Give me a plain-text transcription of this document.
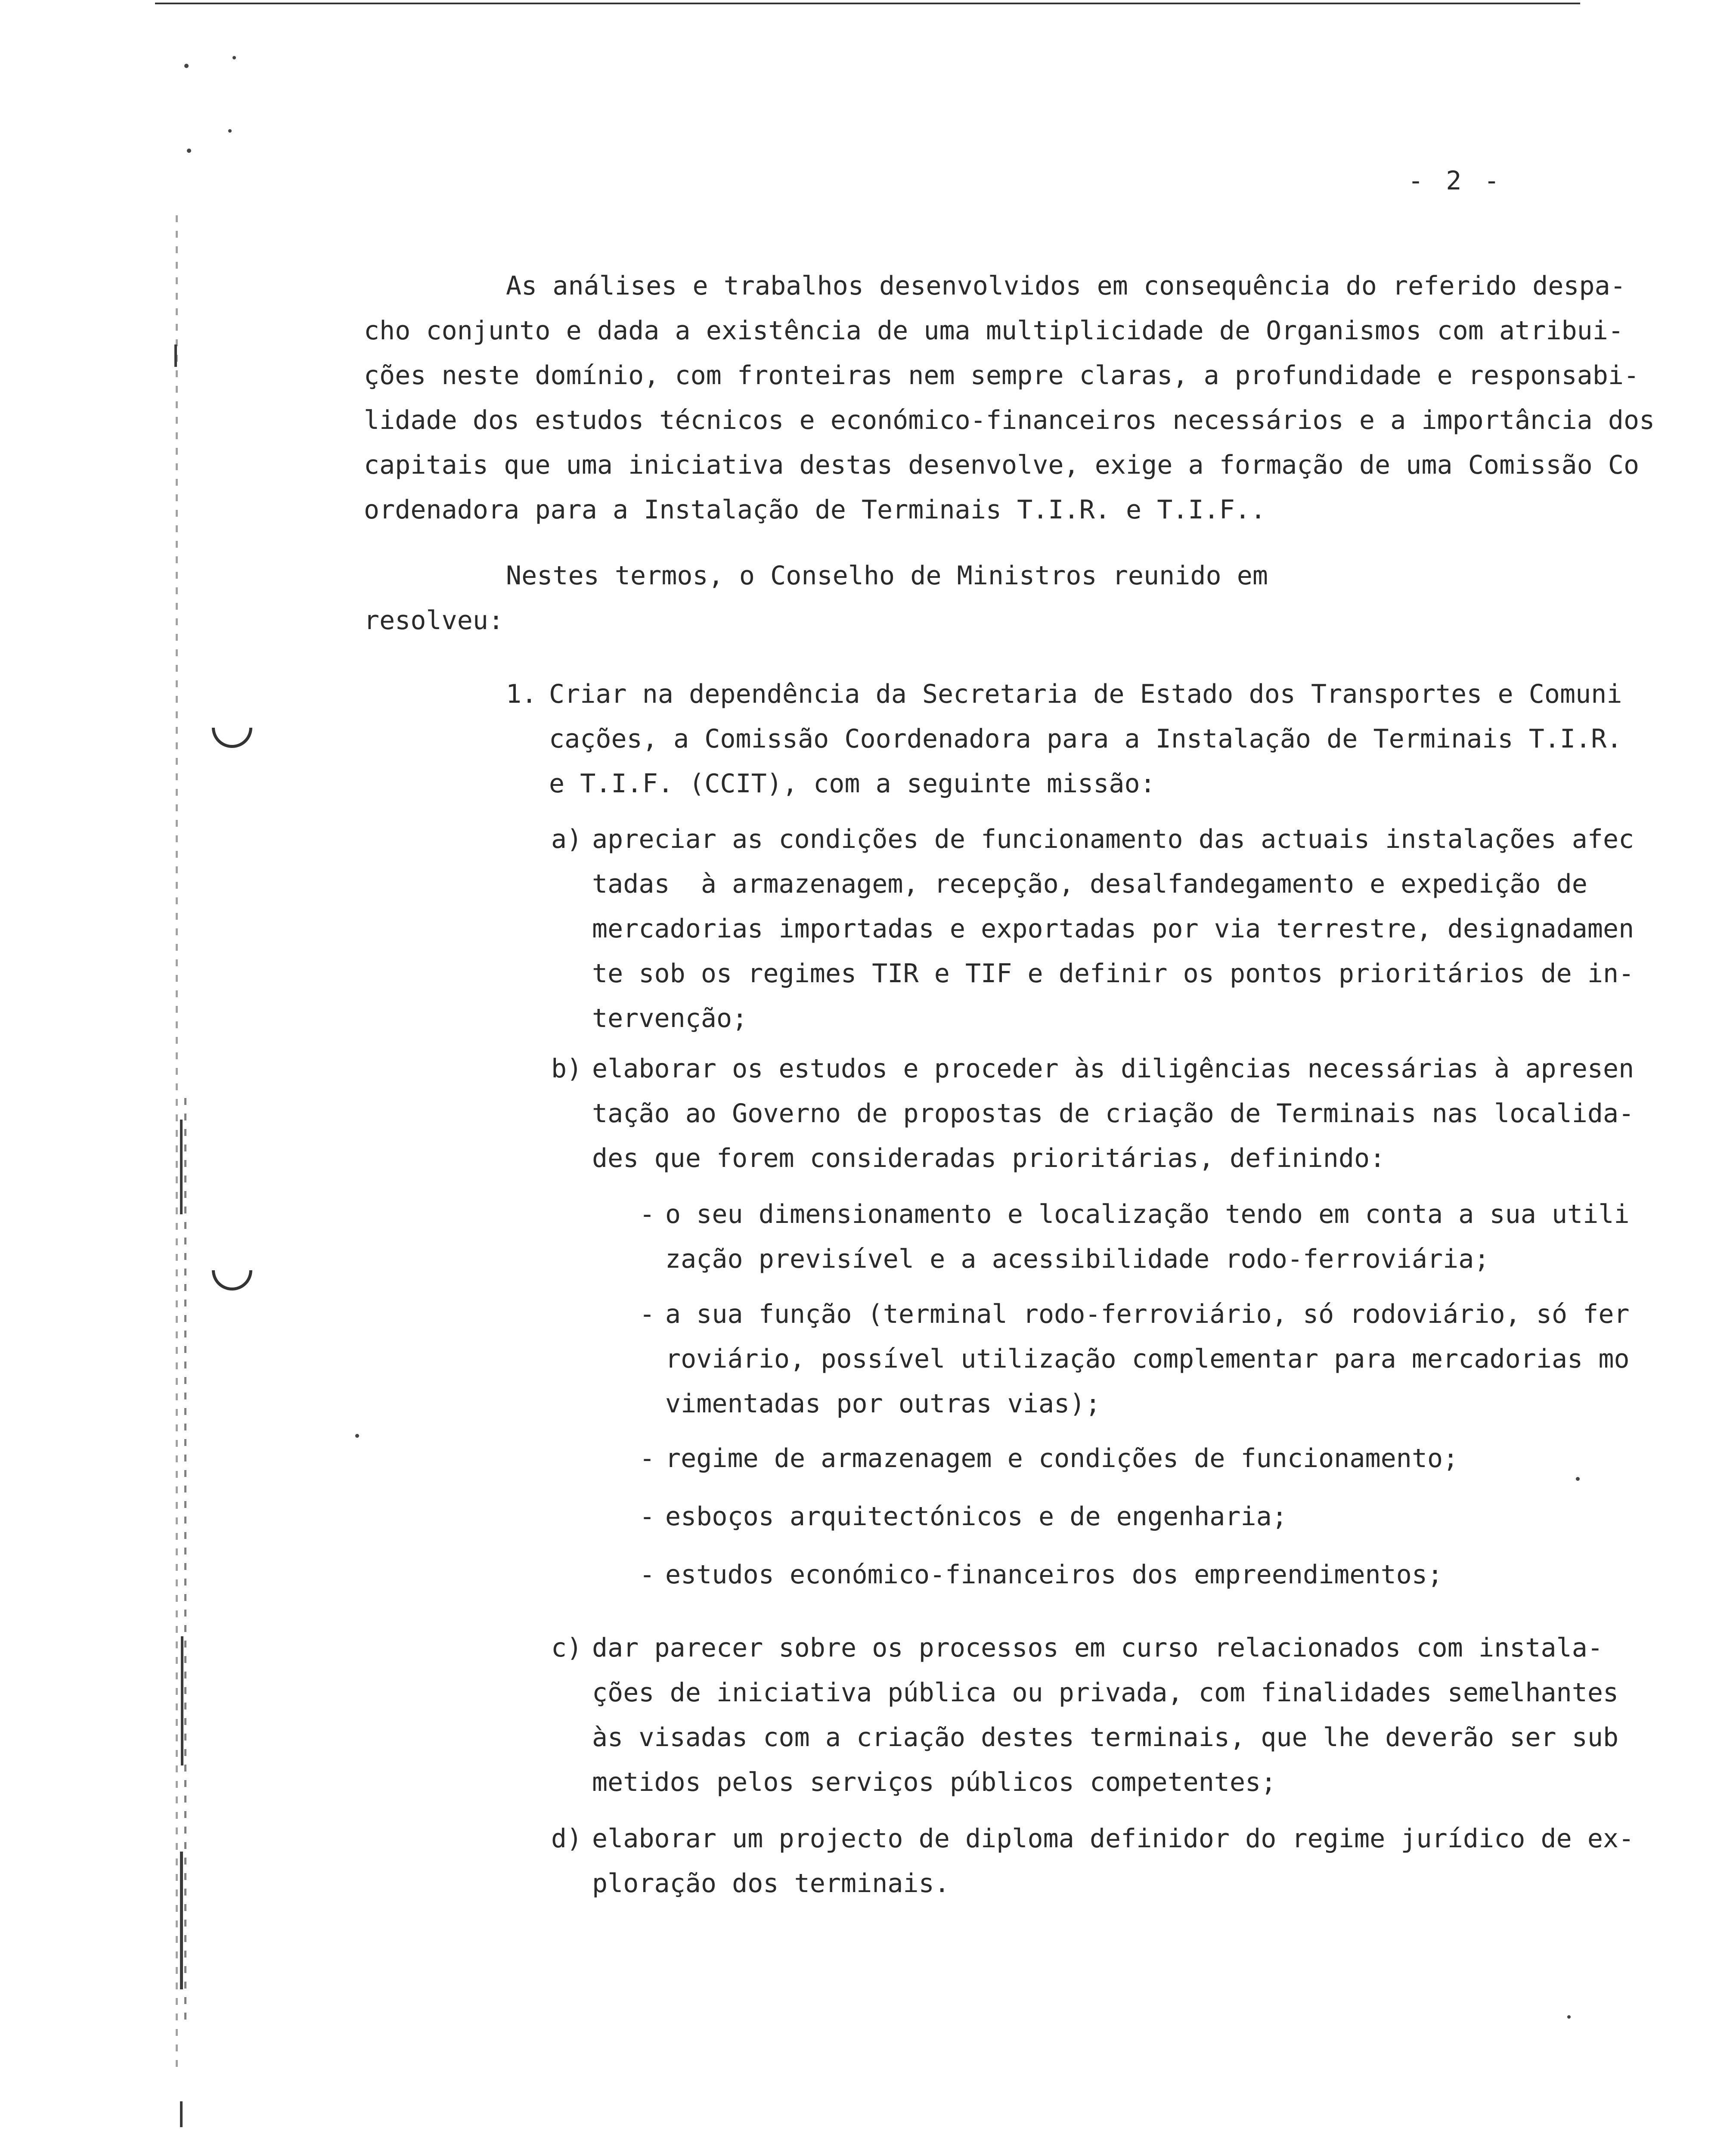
- 2 -
As análises e trabalhos desenvolvidos em consequência do referido despa-
cho conjunto e dada a existência de uma multiplicidade de Organismos com atribui-
ções neste domínio, com fronteiras nem sempre claras, a profundidade e responsabi-
lidade dos estudos técnicos e económico-financeiros necessários e a importância dos
capitais que uma iniciativa destas desenvolve, exige a formação de uma Comissão Co
ordenadora para a Instalação de Terminais T.I.R. e T.I.F..
Nestes termos, o Conselho de Ministros reunido em
resolveu:
1. Criar na dependência da Secretaria de Estado dos Transportes e Comuni
cações, a Comissão Coordenadora para a Instalação de Terminais T.I.R.
e T.I.F. (CCIT), com a seguinte missão:
a) apreciar as condições de funcionamento das actuais instalações afec
tadas  à armazenagem, recepção, desalfandegamento e expedição de
mercadorias importadas e exportadas por via terrestre, designadamen
te sob os regimes TIR e TIF e definir os pontos prioritários de in-
tervenção;
b) elaborar os estudos e proceder às diligências necessárias à apresen
tação ao Governo de propostas de criação de Terminais nas localida-
des que forem consideradas prioritárias, definindo:
- o seu dimensionamento e localização tendo em conta a sua utili
zação previsível e a acessibilidade rodo-ferroviária;
- a sua função (terminal rodo-ferroviário, só rodoviário, só fer
roviário, possível utilização complementar para mercadorias mo
vimentadas por outras vias);
- regime de armazenagem e condições de funcionamento;
- esboços arquitectónicos e de engenharia;
- estudos económico-financeiros dos empreendimentos;
c) dar parecer sobre os processos em curso relacionados com instala-
ções de iniciativa pública ou privada, com finalidades semelhantes
às visadas com a criação destes terminais, que lhe deverão ser sub
metidos pelos serviços públicos competentes;
d) elaborar um projecto de diploma definidor do regime jurídico de ex-
ploração dos terminais.
